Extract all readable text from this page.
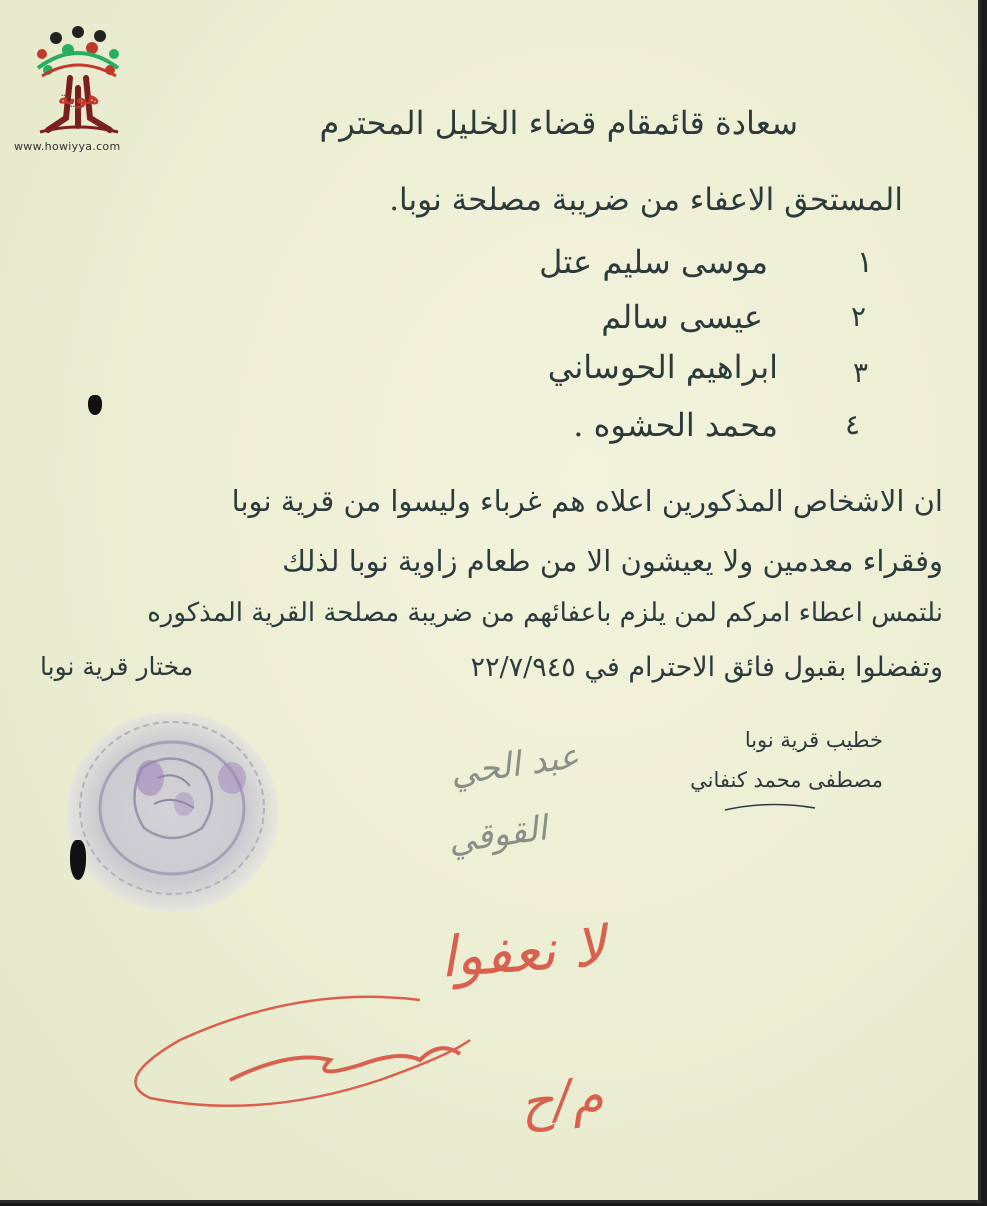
هوية
www.howiyya.com
سعادة قائمقام قضاء الخليل المحترم
المستحق الاعفاء من ضريبة مصلحة نوبا.
١
موسى سليم عتل
٢
عيسى سالم
٣
ابراهيم الحوساني
٤
محمد الحشوه .
ان الاشخاص المذكورين اعلاه هم غرباء وليسوا من قرية نوبا
وفقراء معدمين ولا يعيشون الا من طعام زاوية نوبا لذلك
نلتمس اعطاء امركم لمن يلزم باعفائهم من ضريبة مصلحة القرية المذكوره
وتفضلوا بقبول فائق الاحترام في ٢٢/٧/٩٤٥
مختار قرية نوبا
خطيب قرية نوبا
مصطفى محمد كنفاني
عبد الحي
القوقي
لا نعفوا
م/ح
